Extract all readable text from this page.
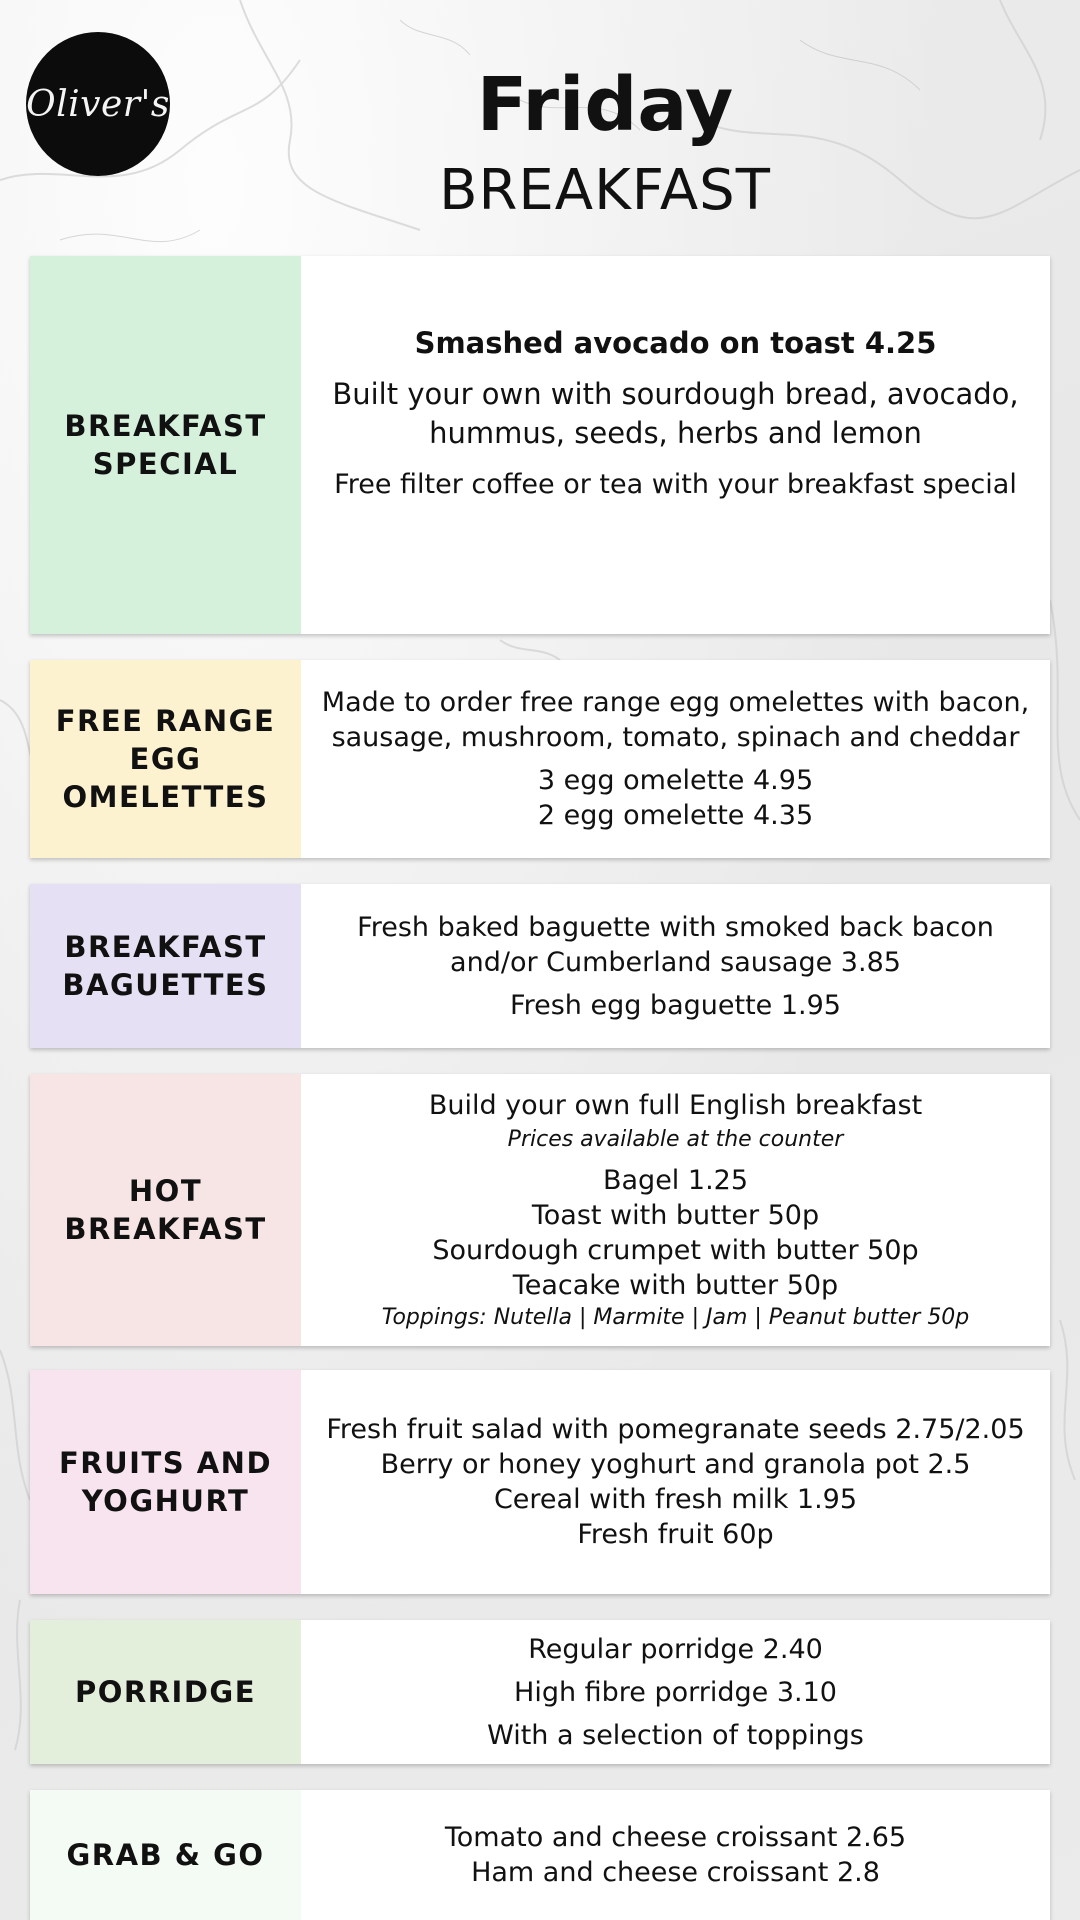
Oliver's	Friday
BREAKFAST
BREAKFAST SPECIAL
Smashed avocado on toast 4.25
Built your own with sourdough bread, avocado, hummus, seeds, herbs and lemon
Free filter coffee or tea with your breakfast special
FREE RANGE EGG OMELETTES
Made to order free range egg omelettes with bacon, sausage, mushroom, tomato, spinach and cheddar
3 egg omelette 4.95
2 egg omelette 4.35
BREAKFAST BAGUETTES
Fresh baked baguette with smoked back bacon and/or Cumberland sausage 3.85
Fresh egg baguette 1.95
HOT BREAKFAST
Build your own full English breakfast
Prices available at the counter
Bagel 1.25
Toast with butter 50p
Sourdough crumpet with butter 50p
Teacake with butter 50p
Toppings: Nutella | Marmite | Jam | Peanut butter 50p
FRUITS AND YOGHURT
Fresh fruit salad with pomegranate seeds 2.75/2.05
Berry or honey yoghurt and granola pot 2.5
Cereal with fresh milk 1.95
Fresh fruit 60p
PORRIDGE
Regular porridge 2.40
High fibre porridge 3.10
With a selection of toppings
GRAB & GO
Tomato and cheese croissant 2.65
Ham and cheese croissant 2.8
